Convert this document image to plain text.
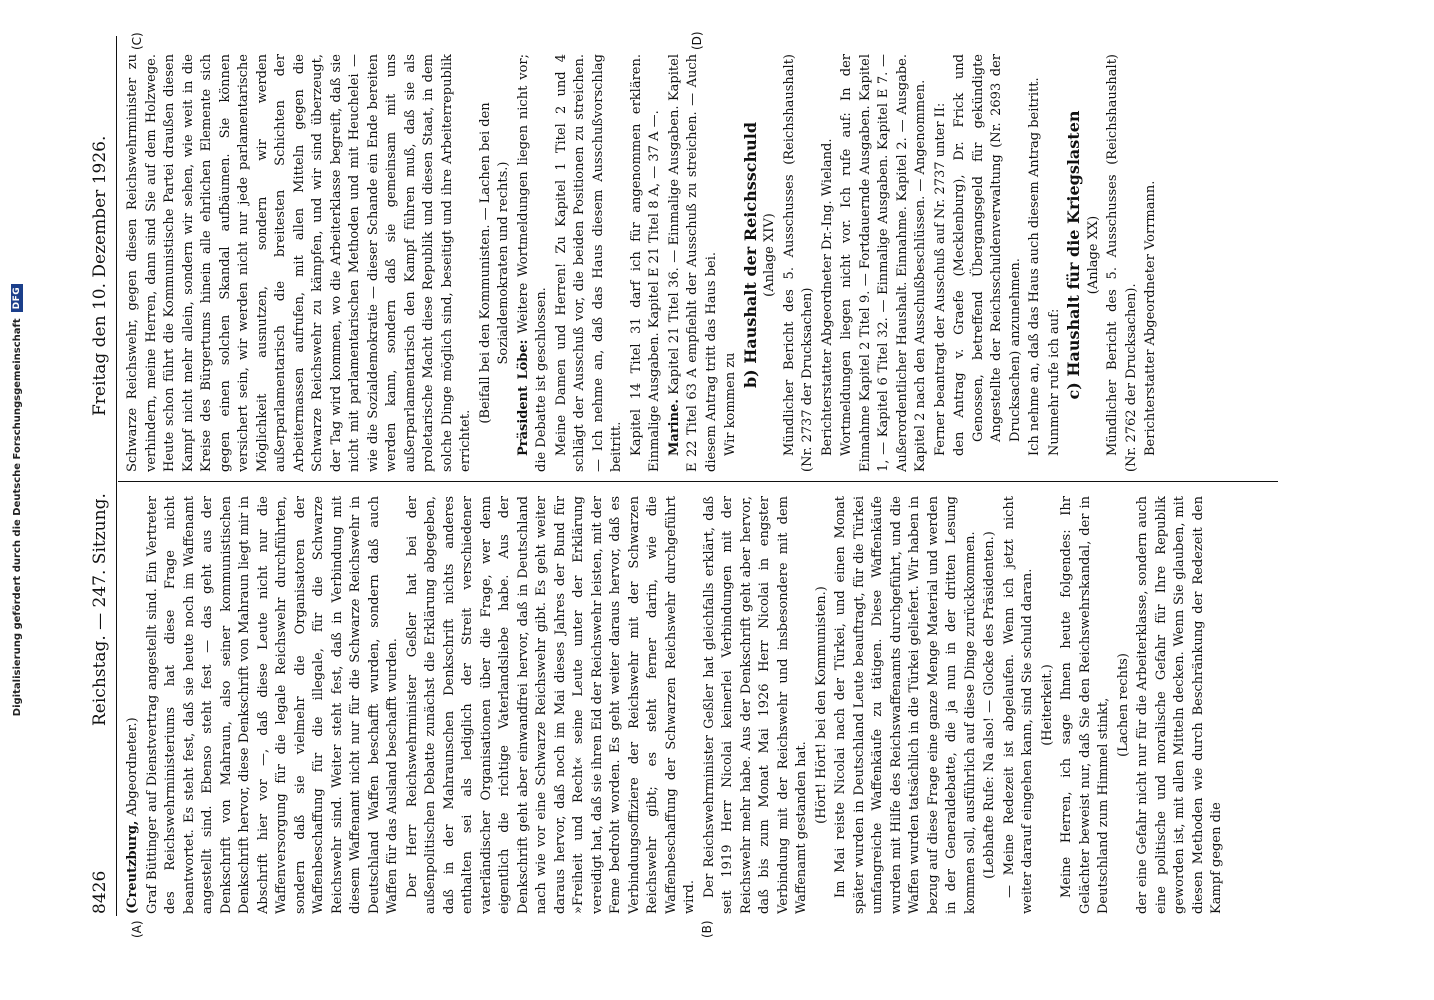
Digitalisierung gefördert durch die Deutsche Forschungsgemeinschaft
DFG
8426
Reichstag. — 247. Sitzung.
Freitag den 10. Dezember 1926.
(A)	(B)
(C)	(D)

(Creutzburg, Abgeordneter.) Graf Büttinger auf Dienstvertrag angestellt sind. Ein Vertreter des Reichswehrministeriums hat diese Frage nicht beantwortet. Es steht fest, daß sie heute noch im Waffenamt angestellt sind. Ebenso steht fest — das geht aus der Denkschrift von Mahraun, also seiner kommunistischen Denkschrift hervor, diese Denkschrift von Mahraun liegt mir in Abschrift hier vor —, daß diese Leute nicht nur die Waffenversorgung für die legale Reichswehr durchführten, sondern daß sie vielmehr die Organisatoren der Waffenbeschaffung für die illegale, für die Schwarze Reichswehr sind. Weiter steht fest, daß in Verbindung mit diesem Waffenamt nicht nur für die Schwarze Reichswehr in Deutschland Waffen beschafft wurden, sondern daß auch Waffen für das Ausland beschafft wurden. Der Herr Reichswehrminister Geßler hat bei der außenpolitischen Debatte zunächst die Erklärung abgegeben, daß in der Mahraunschen Denkschrift nichts anderes enthalten sei als lediglich der Streit verschiedener vaterländischer Organisationen über die Frage, wer denn eigentlich die richtige Vaterlandsliebe habe. Aus der Denkschrift geht aber einwandfrei hervor, daß in Deutschland nach wie vor eine Schwarze Reichswehr gibt. Es geht weiter daraus hervor, daß noch im Mai dieses Jahres der Bund für »Freiheit und Recht« seine Leute unter der Erklärung vereidigt hat, daß sie ihren Eid der Reichswehr leisten, mit der Feme bedroht worden. Es geht weiter daraus hervor, daß es Verbindungsoffiziere der Reichswehr mit der Schwarzen Reichswehr gibt; es steht ferner darin, wie die Waffenbeschaffung der Schwarzen Reichswehr durchgeführt wird. Der Reichswehrminister Geßler hat gleichfalls erklärt, daß seit 1919 Herr Nicolai keinerlei Verbindungen mit der Reichswehr mehr habe. Aus der Denkschrift geht aber hervor, daß bis zum Monat Mai 1926 Herr Nicolai in engster Verbindung mit der Reichswehr und insbesondere mit dem Waffenamt gestanden hat.

(Hört! Hört! bei den Kommunisten.) Im Mai reiste Nicolai nach der Türkei, und einen Monat später wurden in Deutschland Leute beauftragt, für die Türkei umfangreiche Waffenkäufe zu tätigen. Diese Waffenkäufe wurden mit Hilfe des Reichswaffenamts durchgeführt, und die Waffen wurden tatsächlich in die Türkei geliefert. Wir haben in bezug auf diese Frage eine ganze Menge Material und werden in der Generaldebatte, die ja nun in der dritten Lesung kommen soll, ausführlich auf diese Dinge zurückkommen. (Lebhafte Rufe: Na also! — Glocke des Präsidenten.) — Meine Redezeit ist abgelaufen. Wenn ich jetzt nicht weiter darauf eingehen kann, sind Sie schuld daran. (Heiterkeit.) Meine Herren, ich sage Ihnen heute folgendes: Ihr Gelächter beweist nur, daß Sie den Reichswehrskandal, der in Deutschland zum Himmel stinkt, (Lachen rechts) der eine Gefahr nicht nur für die Arbeiterklasse, sondern auch eine politische und moralische Gefahr für Ihre Republik geworden ist, mit allen Mitteln decken. Wenn Sie glauben, mit diesen Methoden wie durch Beschränkung der Redezeit den Kampf gegen die

Schwarze Reichswehr, gegen diesen Reichswehrminister zu verhindern, meine Herren, dann sind Sie auf dem Holzwege. Heute schon führt die Kommunistische Partei draußen diesen Kampf nicht mehr allein, sondern wir sehen, wie weit in die Kreise des Bürgertums hinein alle ehrlichen Elemente sich gegen einen solchen Skandal aufbäumen. Sie können versichert sein, wir werden nicht nur jede parlamentarische Möglichkeit ausnutzen, sondern wir werden außerparlamentarisch die breitesten Schichten der Arbeitermassen aufrufen, mit allen Mitteln gegen die Schwarze Reichswehr zu kämpfen, und wir sind überzeugt, der Tag wird kommen, wo die Arbeiterklasse begreift, daß sie nicht mit parlamentarischen Methoden und mit Heuchelei — wie die Sozialdemokratie — dieser Schande ein Ende bereiten werden kann, sondern daß sie gemeinsam mit uns außerparlamentarisch den Kampf führen muß, daß sie als proletarische Macht diese Republik und diesen Staat, in dem solche Dinge möglich sind, beseitigt und ihre Arbeiterrepublik errichtet.

(Beifall bei den Kommunisten. — Lachen bei den Sozialdemokraten und rechts.)

Präsident Löbe: Weitere Wortmeldungen liegen nicht vor; die Debatte ist geschlossen. Meine Damen und Herren! Zu Kapitel 1 Titel 2 und 4 schlägt der Ausschuß vor, die beiden Positionen zu streichen. — Ich nehme an, daß das Haus diesem Ausschußvorschlag beitritt. Kapitel 14 Titel 31 darf ich für angenommen erklären. Einmalige Ausgaben. Kapitel E 21 Titel 8 A, — 37 A —. Marine. Kapitel 21 Titel 36. — Einmalige Ausgaben. Kapitel E 22 Titel 63 A empfiehlt der Ausschuß zu streichen. — Auch diesem Antrag tritt das Haus bei. Wir kommen zu

b) Haushalt der Reichsschuld (Anlage XIV) Mündlicher Bericht des 5. Ausschusses (Reichshaushalt) (Nr. 2737 der Drucksachen) Berichterstatter Abgeordneter Dr.-Ing. Wieland. Wortmeldungen liegen nicht vor. Ich rufe auf: In der Einnahme Kapitel 2 Titel 9. — Fortdauernde Ausgaben. Kapitel 1, — Kapitel 6 Titel 32. — Einmalige Ausgaben. Kapitel E 7. — Außerordentlicher Haushalt. Einnahme. Kapitel 2. — Ausgabe. Kapitel 2 nach den Ausschußbeschlüssen. — Angenommen. Ferner beantragt der Ausschuß auf Nr. 2737 unter II: den Antrag v. Graefe (Mecklenburg), Dr. Frick und Genossen, betreffend Übergangsgeld für gekündigte Angestellte der Reichsschuldenverwaltung (Nr. 2693 der Drucksachen) anzunehmen. Ich nehme an, daß das Haus auch diesem Antrag beitritt. Nunmehr rufe ich auf: c) Haushalt für die Kriegslasten (Anlage XX) Mündlicher Bericht des 5. Ausschusses (Reichshaushalt) (Nr. 2762 der Drucksachen). Berichterstatter Abgeordneter Vorrmann.
